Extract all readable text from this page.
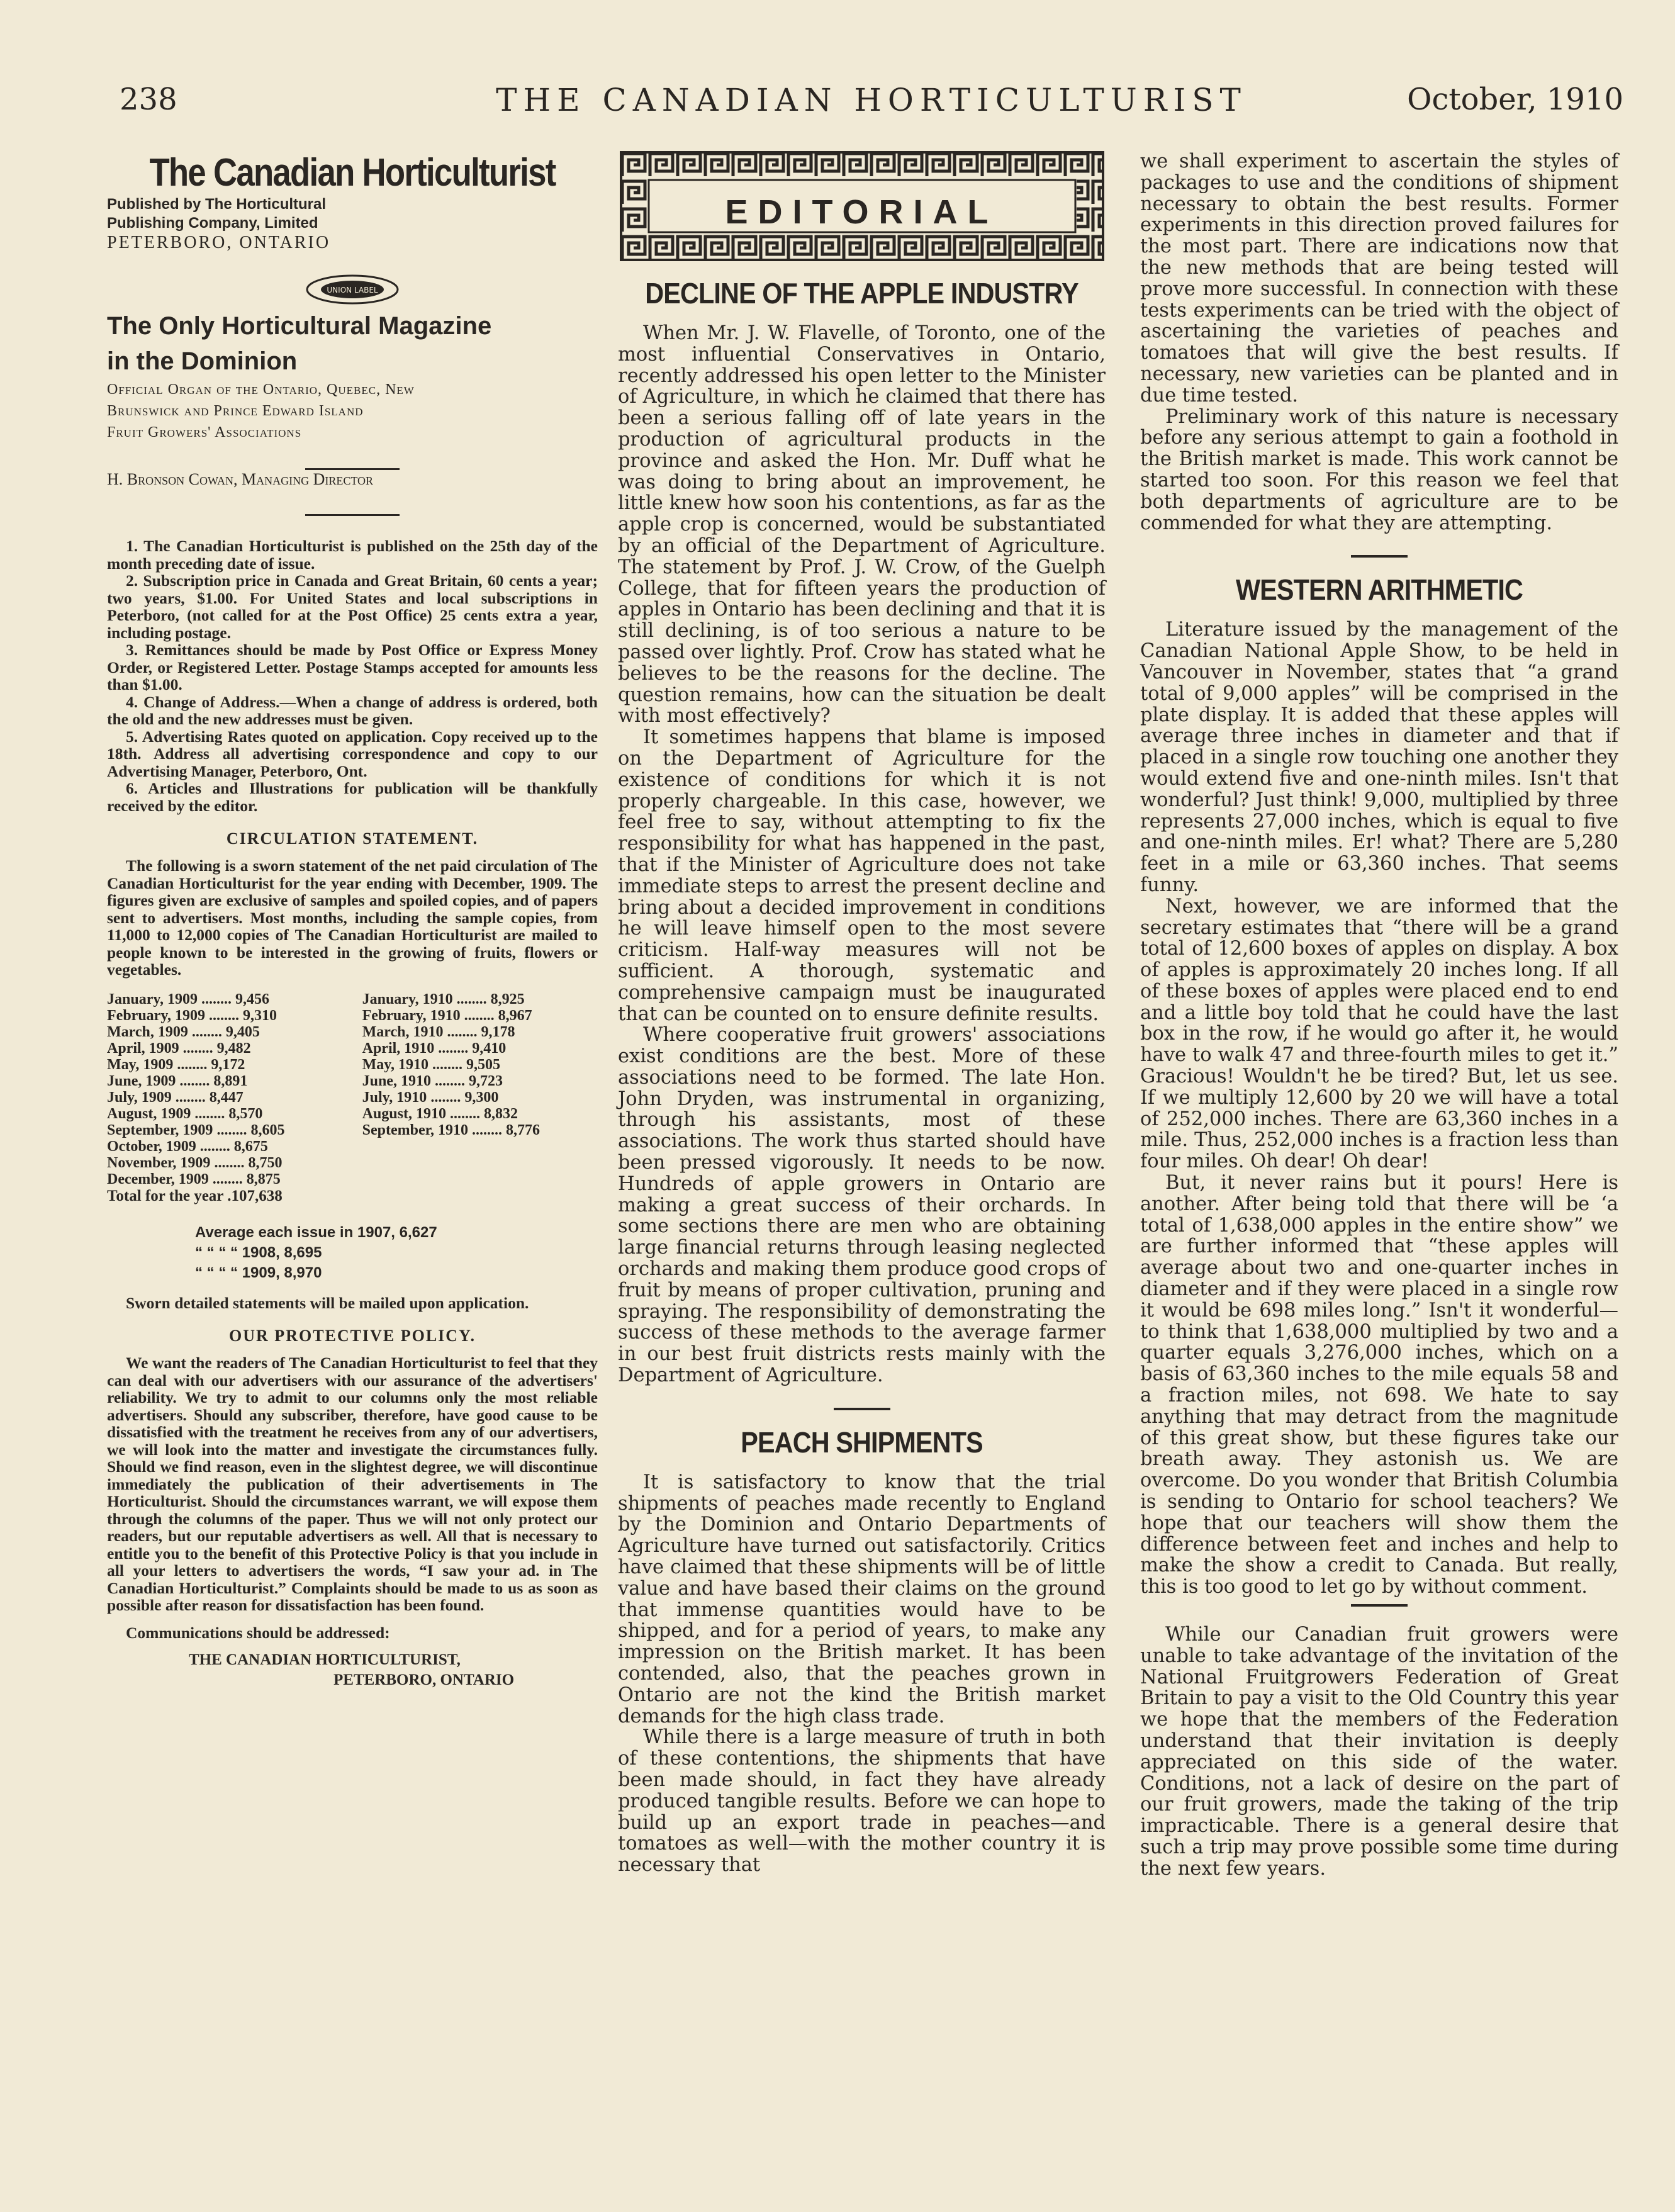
238	THE CANADIAN HORTICULTURIST	October, 1910
The Canadian Horticulturist

Published by The Horticultural
Publishing Company, Limited

PETERBORO, ONTARIO

UNION LABEL

The Only Horticultural Magazine
in the Dominion

Official Organ of the Ontario, Quebec, New
Brunswick and Prince Edward Island
Fruit Growers' Associations

H. Bronson Cowan, Managing Director

1. The Canadian Horticulturist is published on the 25th day of the month preceding date of issue.

2. Subscription price in Canada and Great Britain, 60 cents a year; two years, $1.00. For United States and local subscriptions in Peterboro, (not called for at the Post Office) 25 cents extra a year, including postage.

3. Remittances should be made by Post Office or Express Money Order, or Registered Letter. Postage Stamps accepted for amounts less than $1.00.

4. Change of Address.—When a change of address is ordered, both the old and the new addresses must be given.

5. Advertising Rates quoted on application. Copy received up to the 18th. Address all advertising correspondence and copy to our Advertising Manager, Peterboro, Ont.

6. Articles and Illustrations for publication will be thankfully received by the editor.

CIRCULATION STATEMENT.

The following is a sworn statement of the net paid circulation of The Canadian Horticulturist for the year ending with December, 1909. The figures given are exclusive of samples and spoiled copies, and of papers sent to advertisers. Most months, including the sample copies, from 11,000 to 12,000 copies of The Canadian Horticulturist are mailed to people known to be interested in the growing of fruits, flowers or vegetables.

January, 1909 ........ 9,456
February, 1909 ........ 9,310
March, 1909 ........ 9,405
April, 1909 ........ 9,482
May, 1909 ........ 9,172
June, 1909 ........ 8,891
July, 1909 ........ 8,447
August, 1909 ........ 8,570
September, 1909 ........ 8,605
October, 1909 ........ 8,675
November, 1909 ........ 8,750
December, 1909 ........ 8,875
January, 1910 ........ 8,925
February, 1910 ........ 8,967
March, 1910 ........ 9,178
April, 1910 ........ 9,410
May, 1910 ........ 9,505
June, 1910 ........ 9,723
July, 1910 ........ 9,300
August, 1910 ........ 8,832
September, 1910 ........ 8,776

Total for the year .107,638

Average each issue in 1907, 6,627
“ “ “ “ 1908, 8,695
“ “ “ “ 1909, 8,970

Sworn detailed statements will be mailed upon application.

OUR PROTECTIVE POLICY.

We want the readers of The Canadian Horticulturist to feel that they can deal with our advertisers with our assurance of the advertisers' reliability. We try to admit to our columns only the most reliable advertisers. Should any subscriber, therefore, have good cause to be dissatisfied with the treatment he receives from any of our advertisers, we will look into the matter and investigate the circumstances fully. Should we find reason, even in the slightest degree, we will discontinue immediately the publication of their advertisements in The Horticulturist. Should the circumstances warrant, we will expose them through the columns of the paper. Thus we will not only protect our readers, but our reputable advertisers as well. All that is necessary to entitle you to the benefit of this Protective Policy is that you include in all your letters to advertisers the words, “I saw your ad. in The Canadian Horticulturist.” Complaints should be made to us as soon as possible after reason for dissatisfaction has been found.

Communications should be addressed:

THE CANADIAN HORTICULTURIST,
PETERBORO, ONTARIO
EDITORIAL
DECLINE OF THE APPLE INDUSTRY

When Mr. J. W. Flavelle, of Toronto, one of the most influential Conservatives in Ontario, recently addressed his open letter to the Minister of Agriculture, in which he claimed that there has been a serious falling off of late years in the production of agricultural products in the province and asked the Hon. Mr. Duff what he was doing to bring about an improvement, he little knew how soon his contentions, as far as the apple crop is concerned, would be substantiated by an official of the Department of Agriculture. The statement by Prof. J. W. Crow, of the Guelph College, that for fifteen years the production of apples in Ontario has been declining and that it is still declining, is of too serious a nature to be passed over lightly. Prof. Crow has stated what he believes to be the reasons for the decline. The question remains, how can the situation be dealt with most effectively?

It sometimes happens that blame is imposed on the Department of Agriculture for the existence of conditions for which it is not properly chargeable. In this case, however, we feel free to say, without attempting to fix the responsibility for what has happened in the past, that if the Minister of Agriculture does not take immediate steps to arrest the present decline and bring about a decided improvement in conditions he will leave himself open to the most severe criticism. Half-way measures will not be sufficient. A thorough, systematic and comprehensive campaign must be inaugurated that can be counted on to ensure definite results.

Where cooperative fruit growers' associations exist conditions are the best. More of these associations need to be formed. The late Hon. John Dryden, was instrumental in organizing, through his assistants, most of these associations. The work thus started should have been pressed vigorously. It needs to be now. Hundreds of apple growers in Ontario are making a great success of their orchards. In some sections there are men who are obtaining large financial returns through leasing neglected orchards and making them produce good crops of fruit by means of proper cultivation, pruning and spraying. The responsibility of demonstrating the success of these methods to the average farmer in our best fruit districts rests mainly with the Department of Agriculture.

PEACH SHIPMENTS

It is satisfactory to know that the trial shipments of peaches made recently to England by the Dominion and Ontario Departments of Agriculture have turned out satisfactorily. Critics have claimed that these shipments will be of little value and have based their claims on the ground that immense quantities would have to be shipped, and for a period of years, to make any impression on the British market. It has been contended, also, that the peaches grown in Ontario are not the kind the British market demands for the high class trade.

While there is a large measure of truth in both of these contentions, the shipments that have been made should, in fact they have already produced tangible results. Before we can hope to build up an export trade in peaches—and tomatoes as well—with the mother country it is necessary that

we shall experiment to ascertain the styles of packages to use and the conditions of shipment necessary to obtain the best results. Former experiments in this direction proved failures for the most part. There are indications now that the new methods that are being tested will prove more successful. In connection with these tests experiments can be tried with the object of ascertaining the varieties of peaches and tomatoes that will give the best results. If necessary, new varieties can be planted and in due time tested.

Preliminary work of this nature is necessary before any serious attempt to gain a foothold in the British market is made. This work cannot be started too soon. For this reason we feel that both departments of agriculture are to be commended for what they are attempting.

WESTERN ARITHMETIC

Literature issued by the management of the Canadian National Apple Show, to be held in Vancouver in November, states that “a grand total of 9,000 apples” will be comprised in the plate display. It is added that these apples will average three inches in diameter and that if placed in a single row touching one another they would extend five and one-ninth miles. Isn't that wonderful? Just think! 9,000, multiplied by three represents 27,000 inches, which is equal to five and one-ninth miles. Er! what? There are 5,280 feet in a mile or 63,360 inches. That seems funny.

Next, however, we are informed that the secretary estimates that “there will be a grand total of 12,600 boxes of apples on display. A box of apples is approximately 20 inches long. If all of these boxes of apples were placed end to end and a little boy told that he could have the last box in the row, if he would go after it, he would have to walk 47 and three-fourth miles to get it.” Gracious! Wouldn't he be tired? But, let us see. If we multiply 12,600 by 20 we will have a total of 252,000 inches. There are 63,360 inches in a mile. Thus, 252,000 inches is a fraction less than four miles. Oh dear! Oh dear!

But, it never rains but it pours! Here is another. After being told that there will be ‘a total of 1,638,000 apples in the entire show” we are further informed that “these apples will average about two and one-quarter inches in diameter and if they were placed in a single row it would be 698 miles long.” Isn't it wonderful—to think that 1,638,000 multiplied by two and a quarter equals 3,276,000 inches, which on a basis of 63,360 inches to the mile equals 58 and a fraction miles, not 698. We hate to say anything that may detract from the magnitude of this great show, but these figures take our breath away. They astonish us. We are overcome. Do you wonder that British Columbia is sending to Ontario for school teachers? We hope that our teachers will show them the difference between feet and inches and help to make the show a credit to Canada. But really, this is too good to let go by without comment.

While our Canadian fruit growers were unable to take advantage of the invitation of the National Fruitgrowers Federation of Great Britain to pay a visit to the Old Country this year we hope that the members of the Federation understand that their invitation is deeply appreciated on this side of the water. Conditions, not a lack of desire on the part of our fruit growers, made the taking of the trip impracticable. There is a general desire that such a trip may prove possible some time during the next few years.
